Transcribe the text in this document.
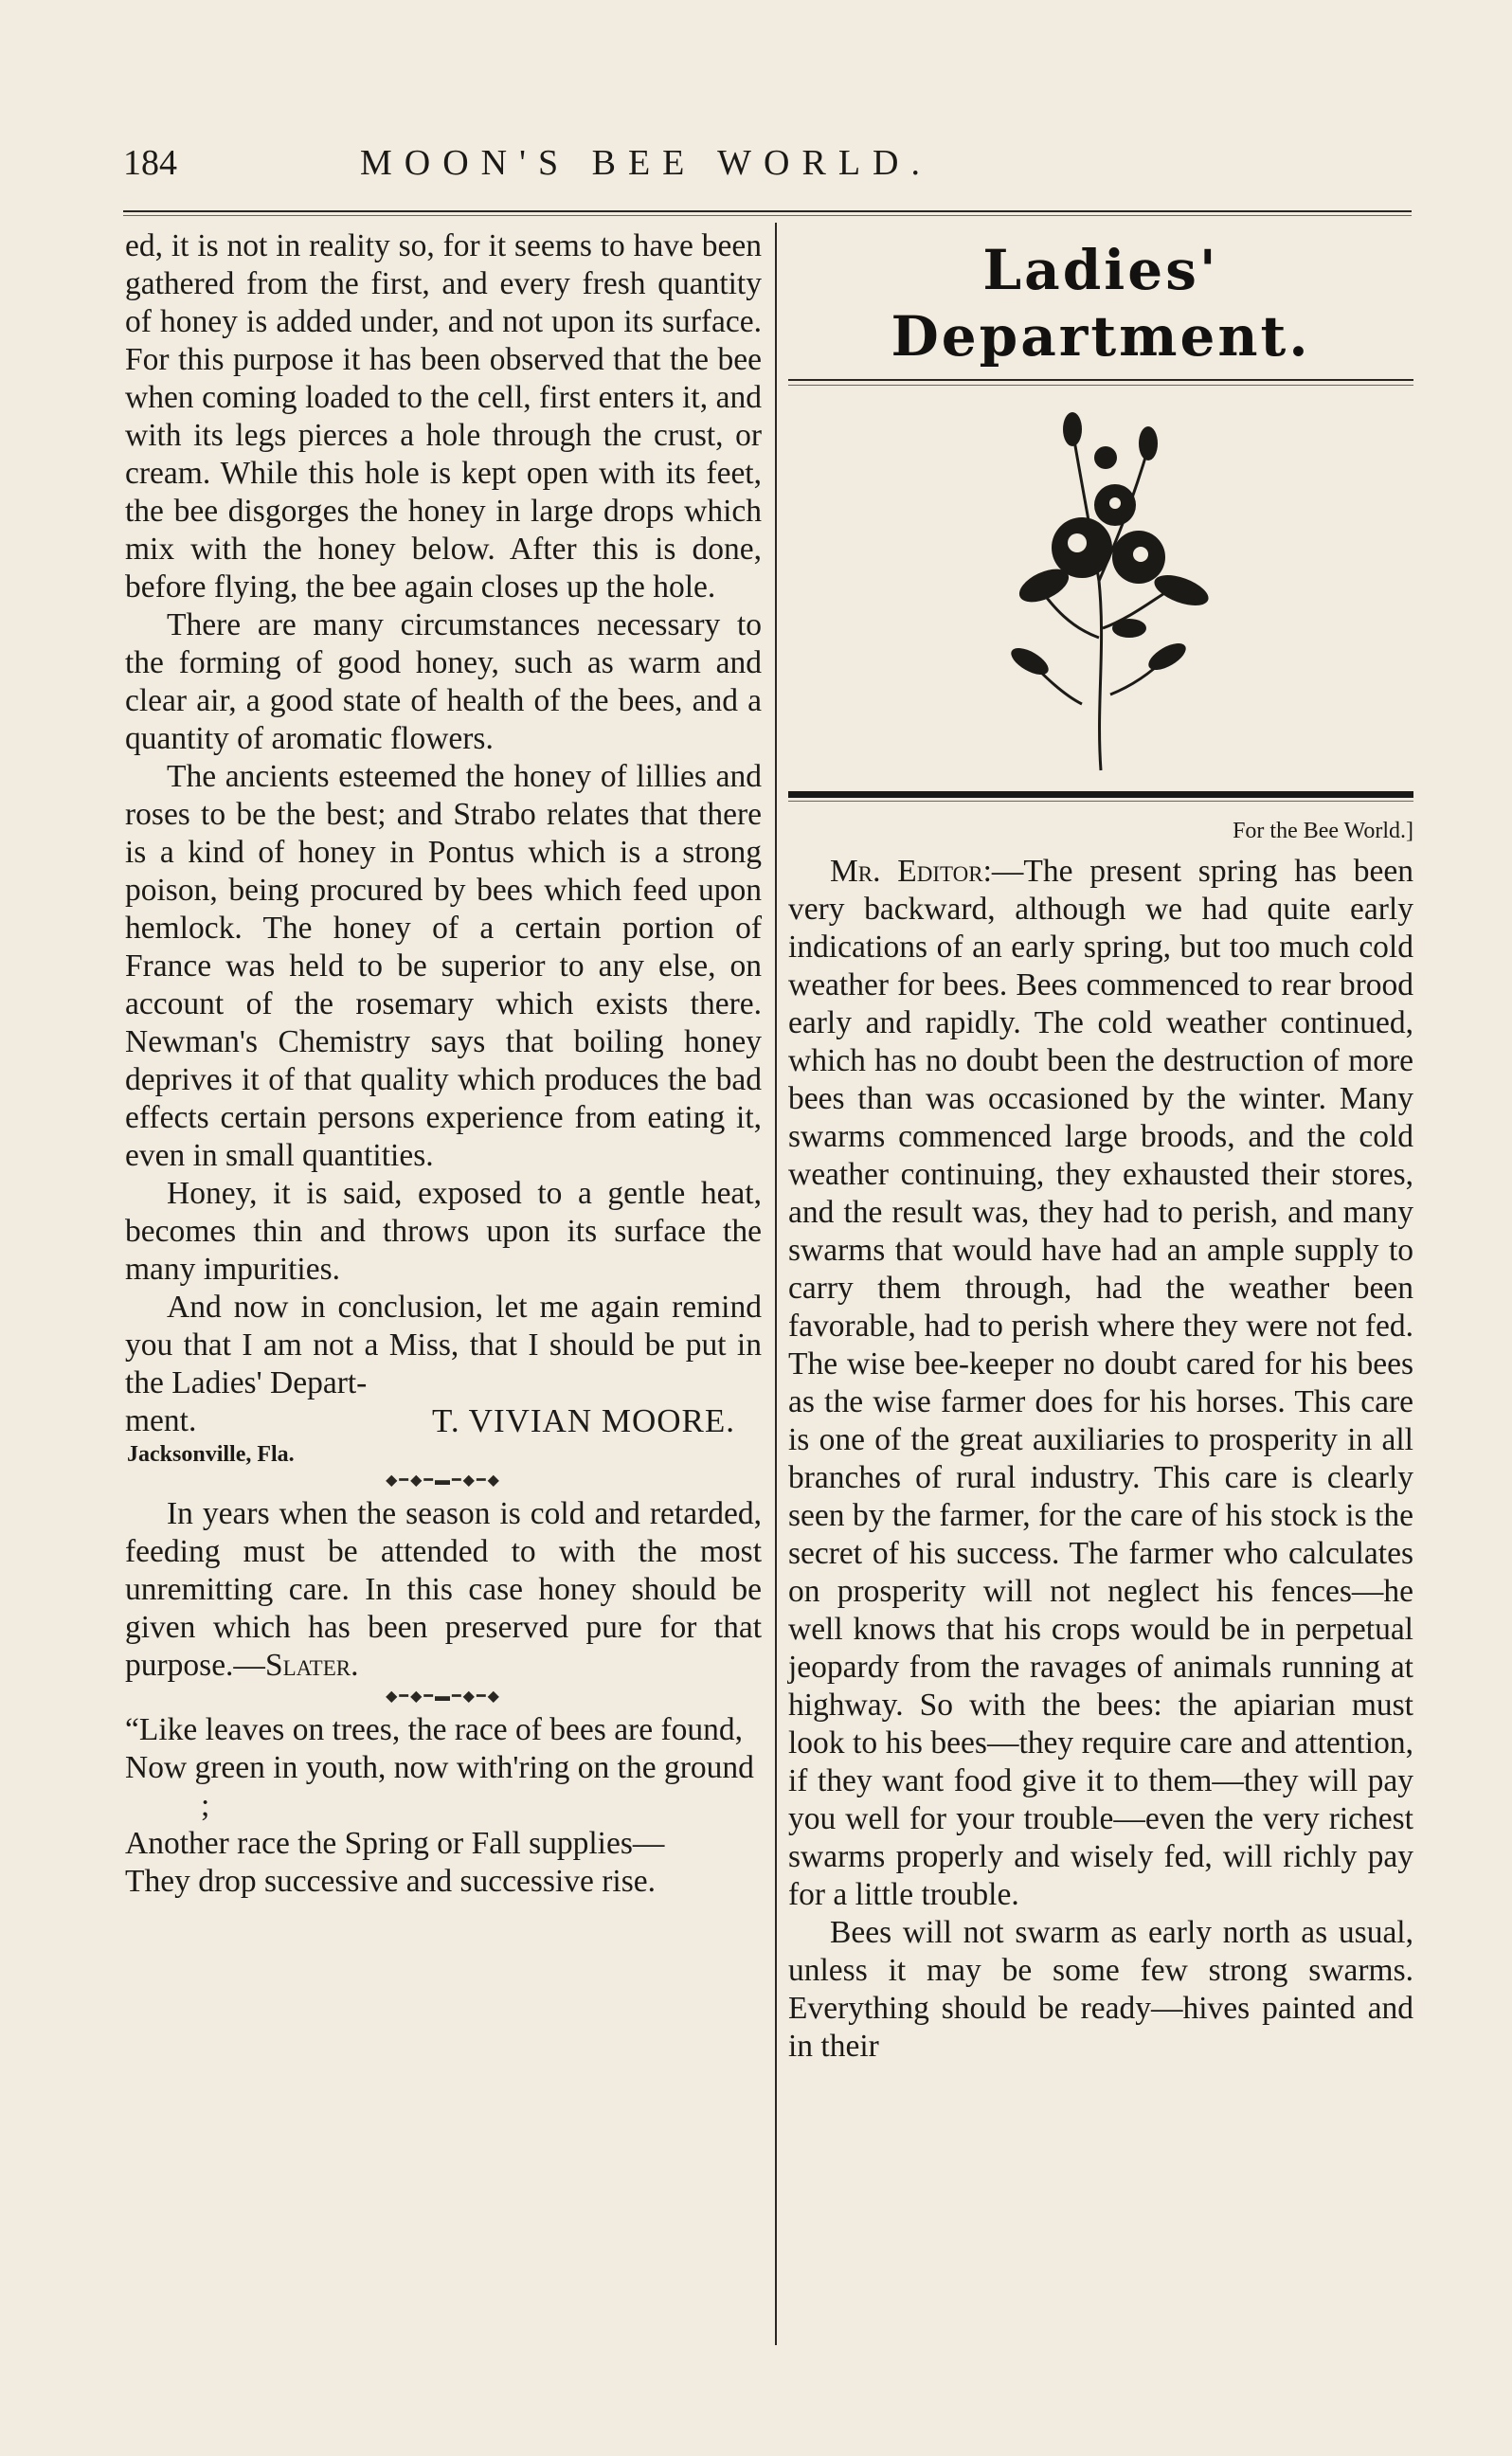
184	MOON'S BEE WORLD.

ed, it is not in reality so, for it seems to have been gathered from the first, and every fresh quantity of honey is added under, and not upon its surface. For this purpose it has been observed that the bee when coming loaded to the cell, first enters it, and with its legs pierces a hole through the crust, or cream. While this hole is kept open with its feet, the bee disgorges the honey in large drops which mix with the honey below. After this is done, before flying, the bee again closes up the hole.

There are many circumstances necessary to the forming of good honey, such as warm and clear air, a good state of health of the bees, and a quantity of aromatic flowers.

The ancients esteemed the honey of lillies and roses to be the best; and Strabo relates that there is a kind of honey in Pontus which is a strong poison, being procured by bees which feed upon hemlock. The honey of a certain portion of France was held to be superior to any else, on account of the rosemary which exists there. Newman's Chemistry says that boiling honey deprives it of that quality which produces the bad effects certain persons experience from eating it, even in small quantities.

Honey, it is said, exposed to a gentle heat, becomes thin and throws upon its surface the many impurities.

And now in conclusion, let me again remind you that I am not a Miss, that I should be put in the Ladies' Depart-

ment.	T. VIVIAN MOORE.
Jacksonville, Fla.
◆━◆━▬━◆━◆

In years when the season is cold and retarded, feeding must be attended to with the most unremitting care. In this case honey should be given which has been preserved pure for that purpose.—Slater.

◆━◆━▬━◆━◆

“Like leaves on trees, the race of bees are found,

Now green in youth, now with'ring on the ground ;

Another race the Spring or Fall supplies—

They drop successive and successive rise.

Ladies' Department.
For the Bee World.]

Mr. Editor:—The present spring has been very backward, although we had quite early indications of an early spring, but too much cold weather for bees. Bees commenced to rear brood early and rapidly. The cold weather continued, which has no doubt been the destruction of more bees than was occasioned by the winter. Many swarms commenced large broods, and the cold weather continuing, they exhausted their stores, and the result was, they had to perish, and many swarms that would have had an ample supply to carry them through, had the weather been favorable, had to perish where they were not fed. The wise bee-keeper no doubt cared for his bees as the wise farmer does for his horses. This care is one of the great auxiliaries to prosperity in all branches of rural industry. This care is clearly seen by the farmer, for the care of his stock is the secret of his success. The farmer who calculates on prosperity will not neglect his fences—he well knows that his crops would be in perpetual jeopardy from the ravages of animals running at highway. So with the bees: the apiarian must look to his bees—they require care and attention, if they want food give it to them—they will pay you well for your trouble—even the very richest swarms properly and wisely fed, will richly pay for a little trouble.

Bees will not swarm as early north as usual, unless it may be some few strong swarms. Everything should be ready—hives painted and in their
